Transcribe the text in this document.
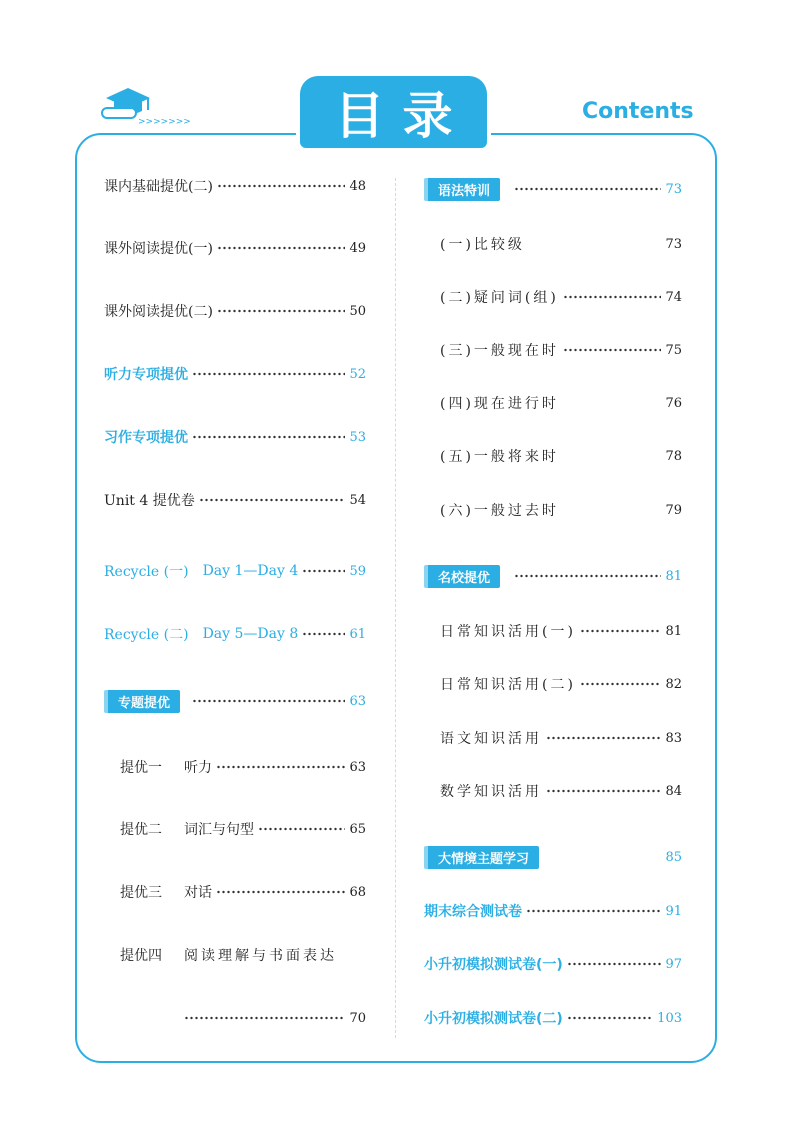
>>>>>>>	目录	Contents
课内基础提优(二)	48
课外阅读提优(一)	49
课外阅读提优(二)	50
听力专项提优	52
习作专项提优	53
Unit 4 提优卷	54
Recycle (一) Day 1—Day 4	59
Recycle (二) Day 5—Day 8	61
专题提优	63
提优一	听力	63
提优二	词汇与句型	65
提优三	对话	68
提优四	阅读理解与书面表达
70
语法特训	73
(一)比较级	73
(二)疑问词(组)	74
(三)一般现在时	75
(四)现在进行时	76
(五)一般将来时	78
(六)一般过去时	79
名校提优	81
日常知识活用(一)	81
日常知识活用(二)	82
语文知识活用	83
数学知识活用	84
大情境主题学习	85
期末综合测试卷	91
小升初模拟测试卷(一)	97
小升初模拟测试卷(二)	103
